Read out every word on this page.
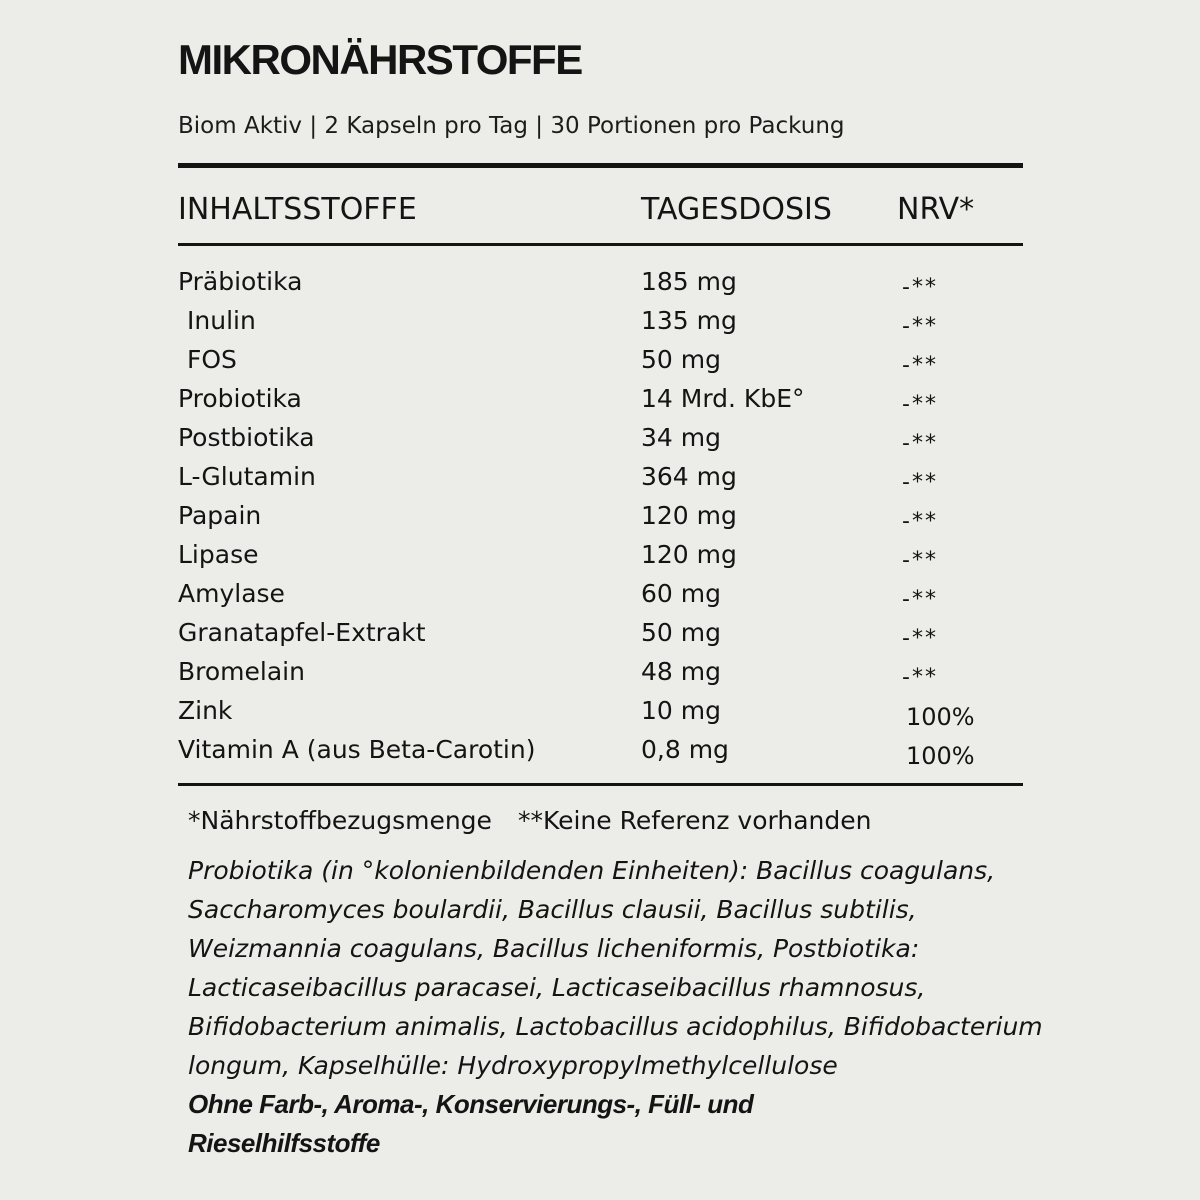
MIKRONÄHRSTOFFE
Biom Aktiv | 2 Kapseln pro Tag | 30 Portionen pro Packung
INHALTSSTOFFE	TAGESDOSIS NRV*
Präbiotika	185 mg	-**
Inulin	135 mg	-**
FOS	50 mg	-**
Probiotika	14 Mrd. KbE°	-**
Postbiotika	34 mg	-**
L-Glutamin	364 mg	-**
Papain	120 mg	-**
Lipase	120 mg	-**
Amylase	60 mg	-**
Granatapfel-Extrakt	50 mg	-**
Bromelain	48 mg	-**
Zink	10 mg	100%
Vitamin A (aus Beta-Carotin)	0,8 mg	100%
*Nährstoffbezugsmenge **Keine Referenz vorhanden
Probiotika (in °kolonienbildenden Einheiten): Bacillus coagulans,
Saccharomyces boulardii, Bacillus clausii, Bacillus subtilis,
Weizmannia coagulans, Bacillus licheniformis, Postbiotika:
Lacticaseibacillus paracasei, Lacticaseibacillus rhamnosus,
Bifidobacterium animalis, Lactobacillus acidophilus, Bifidobacterium
longum, Kapselhülle: Hydroxypropylmethylcellulose
Ohne Farb-, Aroma-, Konservierungs-, Füll- und
Rieselhilfsstoffe
